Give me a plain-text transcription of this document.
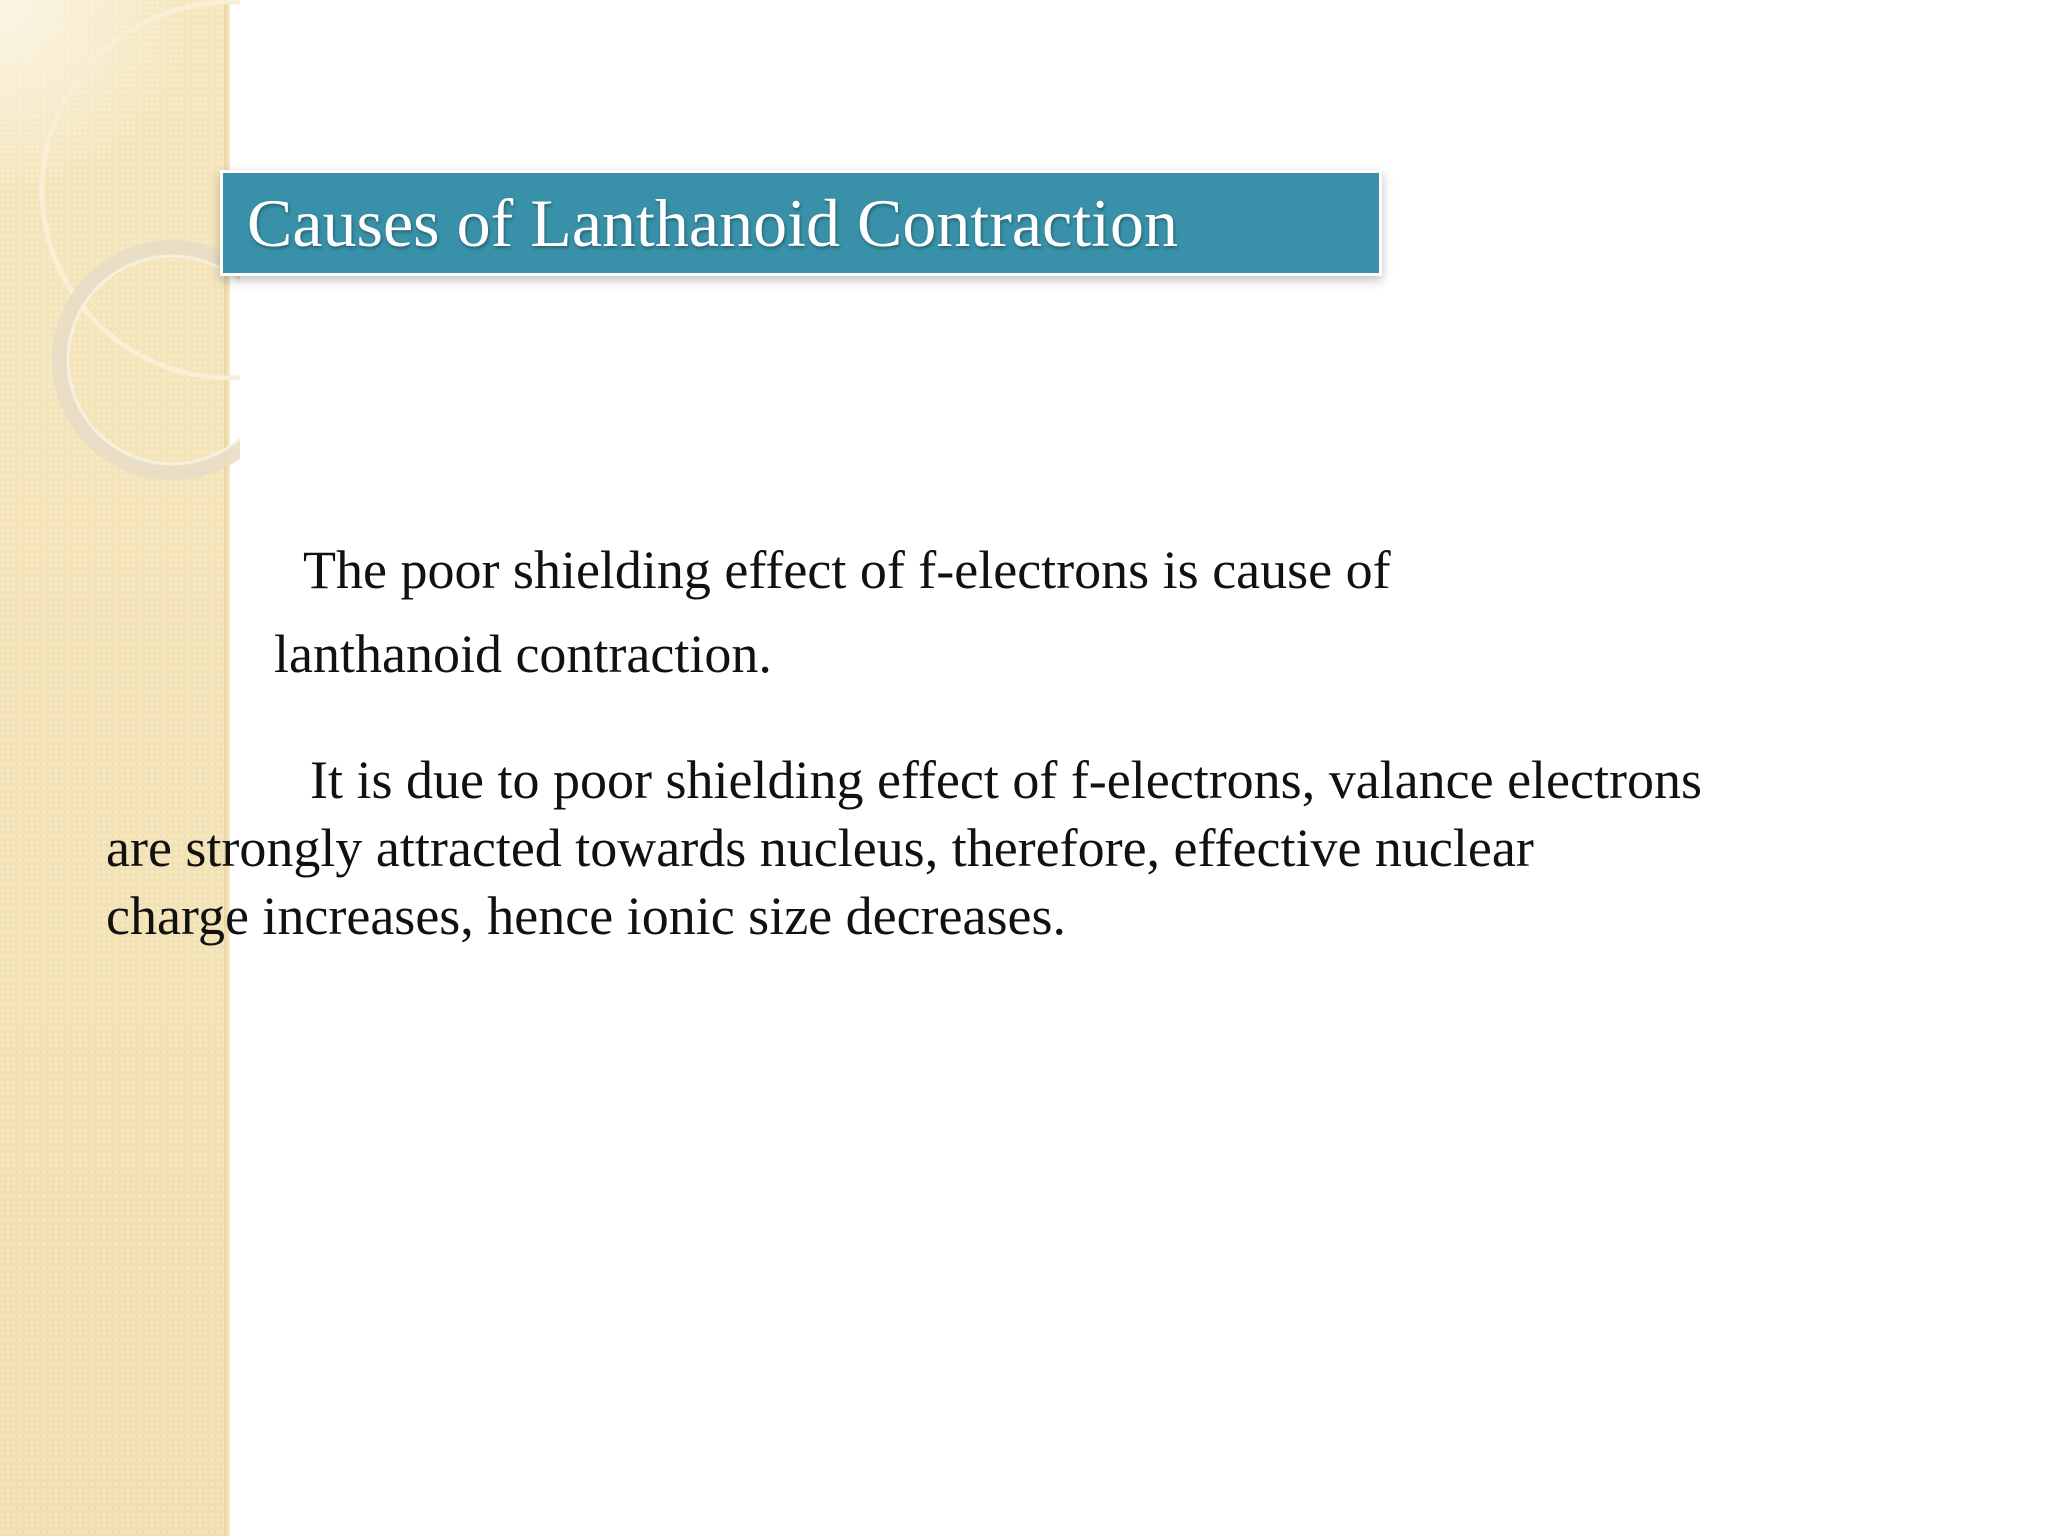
Causes of Lanthanoid Contraction
The poor shielding effect of f-electrons is cause of
lanthanoid contraction.
It is due to poor shielding effect of f-electrons, valance electrons
are strongly attracted towards nucleus, therefore, effective nuclear
charge increases, hence ionic size decreases.
